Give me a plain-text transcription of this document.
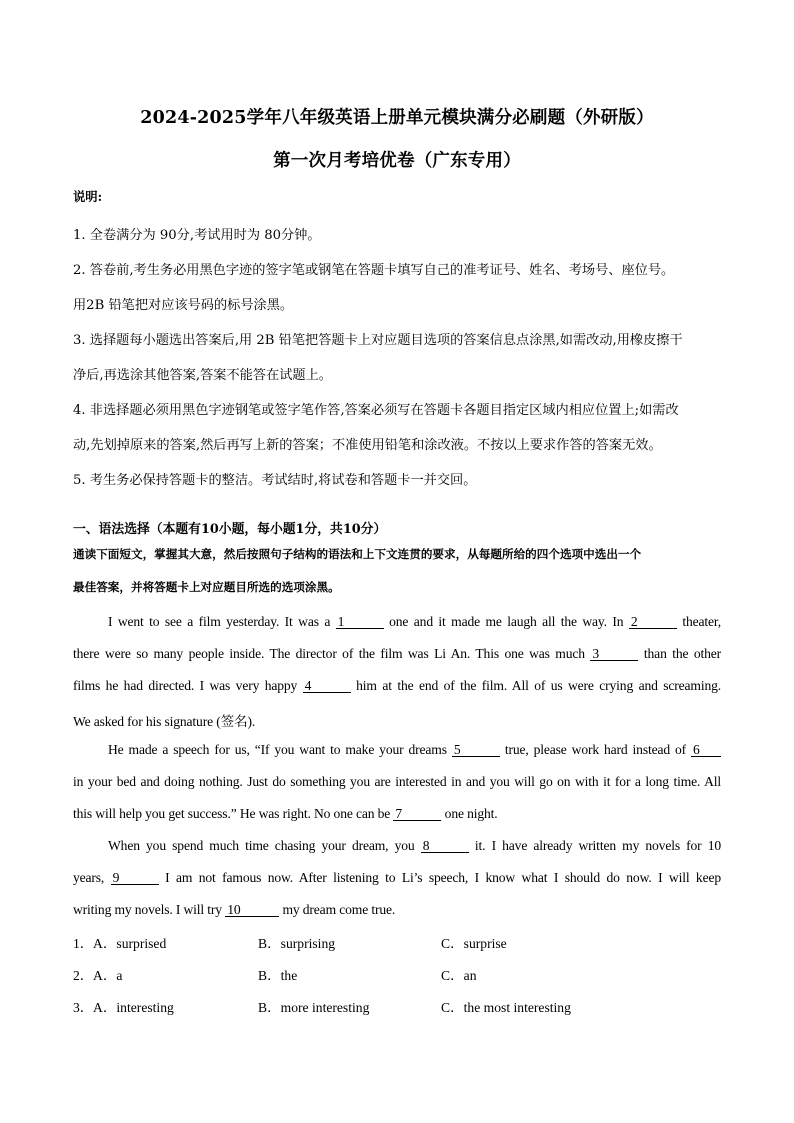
2024-2025学年八年级英语上册单元模块满分必刷题（外研版）
第一次月考培优卷（广东专用）
说明:
1. 全卷满分为 90分,考试用时为 80分钟。
2. 答卷前,考生务必用黑色字迹的签字笔或钢笔在答题卡填写自己的准考证号、姓名、考场号、座位号。
用2B 铅笔把对应该号码的标号涂黑。
3. 选择题每小题选出答案后,用 2B 铅笔把答题卡上对应题目选项的答案信息点涂黑,如需改动,用橡皮擦干
净后,再选涂其他答案,答案不能答在试题上。
4. 非选择题必须用黑色字迹钢笔或签字笔作答,答案必须写在答题卡各题目指定区域内相应位置上;如需改
动,先划掉原来的答案,然后再写上新的答案；不准使用铅笔和涂改液。不按以上要求作答的答案无效。
5. 考生务必保持答题卡的整洁。考试结时,将试卷和答题卡一并交回。
一、语法选择（本题有10小题，每小题1分，共10分）
通读下面短文，掌握其大意，然后按照句子结构的语法和上下文连贯的要求，从每题所给的四个选项中选出一个
最佳答案，并将答题卡上对应题目所选的选项涂黑。
I went to see a film yesterday. It was a 1	one and it made me laugh all the way. In 2	theater,
there were so many people inside. The director of the film was Li An. This one was much 3	than the other
films he had directed. I was very happy 4	him at the end of the film. All of us were crying and screaming.
We asked for his signature (签名).
He made a speech for us, “If you want to make your dreams 5	true, please work hard instead of 6
in your bed and doing nothing. Just do something you are interested in and you will go on with it for a long time. All
this will help you get success.” He was right. No one can be 7	one night.
When you spend much time chasing your dream, you 8	it. I have already written my novels for 10
years, 9	I am not famous now. After listening to Li’s speech, I know what I should do now. I will keep
writing my novels. I will try 10	my dream come true.
1． A．surprised	B．surprising	C．surprise
2． A．a	B．the	C．an
3． A．interesting	B．more interesting	C．the most interesting
